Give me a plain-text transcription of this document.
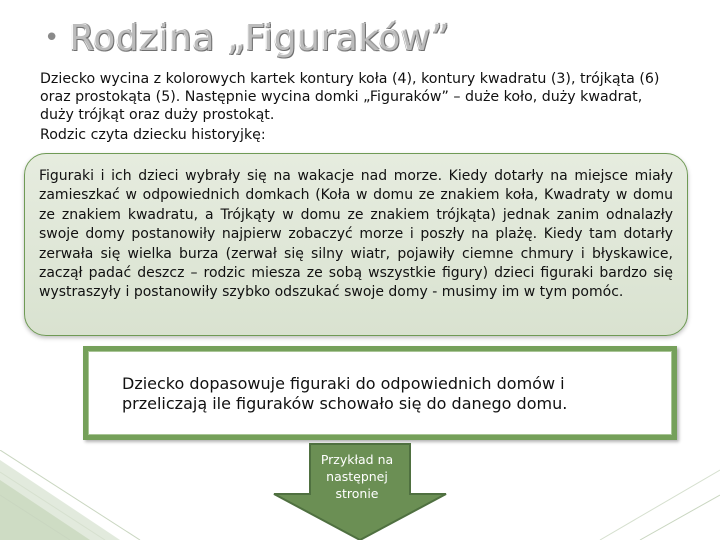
• Rodzina „Figuraków”

Dziecko wycina z kolorowych kartek kontury koła (4), kontury kwadratu (3), trójkąta (6) oraz prostokąta (5). Następnie wycina domki „Figuraków” – duże koło, duży kwadrat, duży trójkąt oraz duży prostokąt.

Rodzic czyta dziecku historyjkę:

Figuraki i ich dzieci wybrały się na wakacje nad morze. Kiedy dotarły na miejsce miały zamieszkać w odpowiednich domkach (Koła w domu ze znakiem koła, Kwadraty w domu ze znakiem kwadratu, a Trójkąty w domu ze znakiem trójkąta) jednak zanim odnalazły swoje domy postanowiły najpierw zobaczyć morze i poszły na plażę. Kiedy tam dotarły zerwała się wielka burza (zerwał się silny wiatr, pojawiły ciemne chmury i błyskawice, zaczął padać deszcz – rodzic miesza ze sobą wszystkie figury) dzieci figuraki bardzo się wystraszyły i postanowiły szybko odszukać swoje domy - musimy im w tym pomóc.

Dziecko dopasowuje figuraki do odpowiednich domów i przeliczają ile figuraków schowało się do danego domu.

Przykład na następnej stronie
